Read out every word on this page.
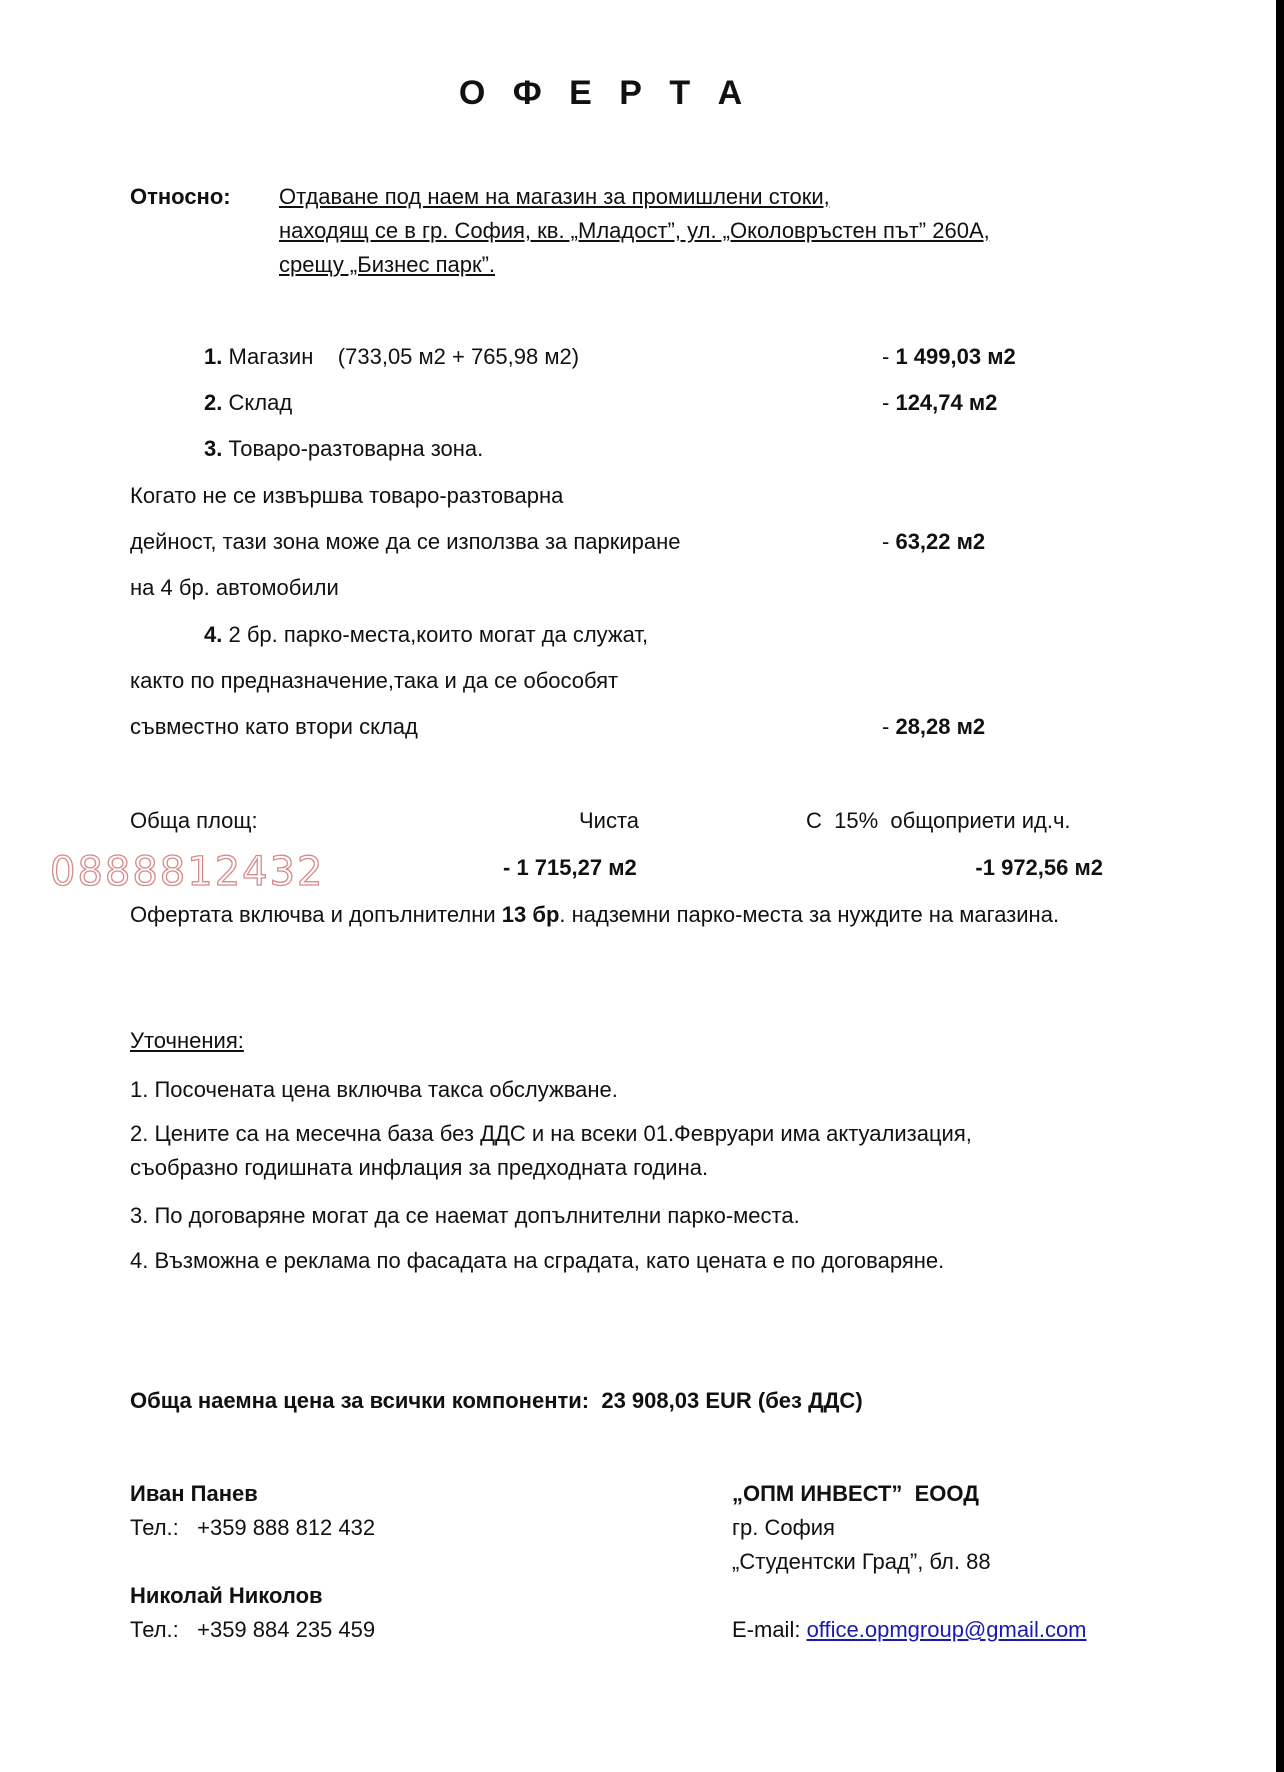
О Ф Е Р Т А
Относно: Отдаване под наем на магазин за промишлени стоки,
находящ се в гр. София, кв. „Младост”, ул. „Околовръстен път” 260А,
срещу „Бизнес парк”.
1. Магазин    (733,05 м2 + 765,98 м2)	- 1 499,03 м2
2. Склад	- 124,74 м2
3. Товаро-разтоварна зона.
Когато не се извършва товаро-разтоварна
дейност, тази зона може да се използва за паркиране	- 63,22 м2
на 4 бр. автомобили
4. 2 бр. парко-места,които могат да служат,
както по предназначение,така и да се обособят
съвместно като втори склад	- 28,28 м2
Обща площ:	Чиста	С  15%  общоприети ид.ч.
0888812432	- 1 715,27 м2	-1 972,56 м2
Офертата включва и допълнителни 13 бр. надземни парко-места за нуждите на магазина.
Уточнения:
1. Посочената цена включва такса обслужване.
2. Цените са на месечна база без ДДС и на всеки 01.Февруари има актуализация,
съобразно годишната инфлация за предходната година.
3. По договаряне могат да се наемат допълнителни парко-места.
4. Възможна е реклама по фасадата на сградата, като цената е по договаряне.
Обща наемна цена за всички компоненти:  23 908,03 EUR (без ДДС)
Иван Панев
Тел.:   +359 888 812 432
Николай Николов
Тел.:   +359 884 235 459
„ОПМ ИНВЕСТ”  ЕООД
гр. София
„Студентски Град”, бл. 88
E-mail: office.opmgroup@gmail.com
